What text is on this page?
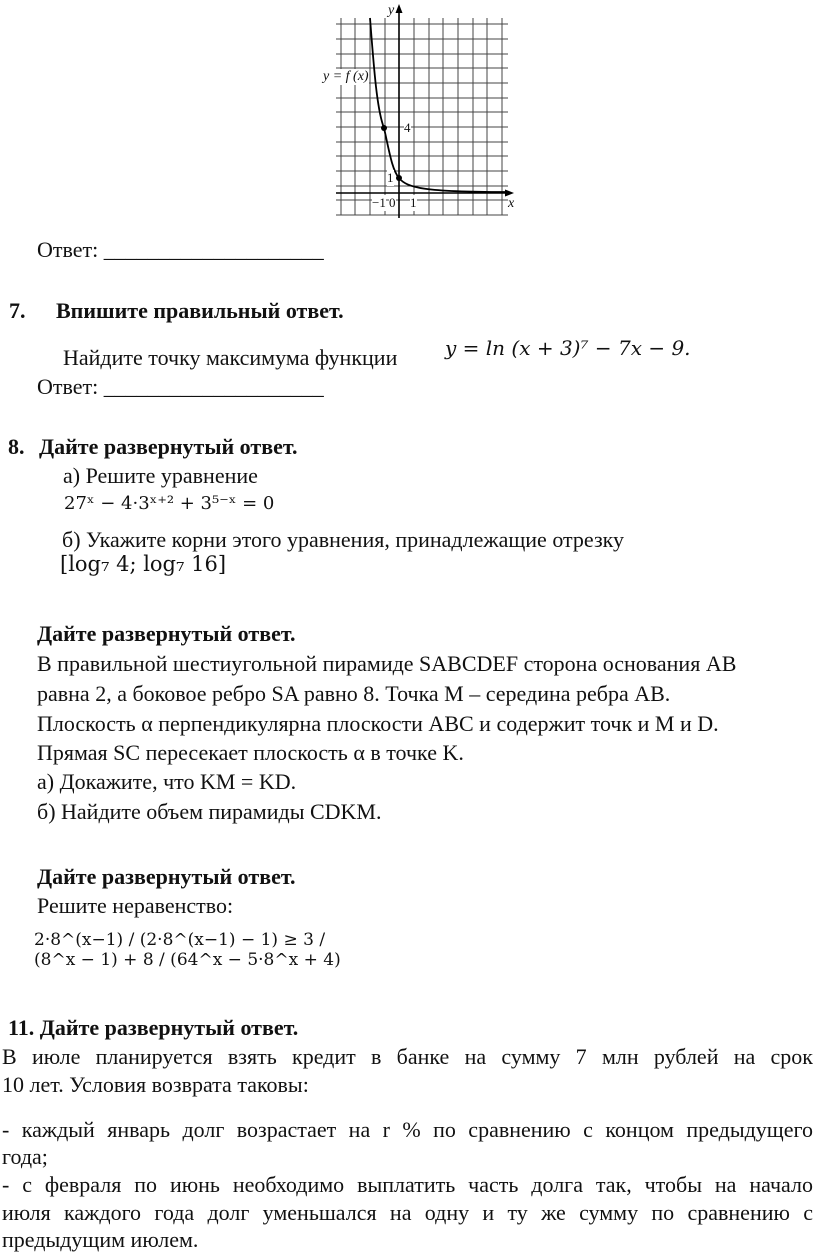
y = f (x)
y
x
4
1
−1 0 1
Ответ: ____________________
7. Впишите правильный ответ.
Найдите точку максимума функции y = ln (x + 3)⁷ − 7x − 9.
Ответ: ____________________
8. Дайте развернутый ответ.
а) Решите уравнение
27ˣ − 4·3ˣ⁺² + 3⁵⁻ˣ = 0
б) Укажите корни этого уравнения, принадлежащие отрезку
[log₇ 4; log₇ 16]
Дайте развернутый ответ.
В правильной шестиугольной пирамиде SABCDEF сторона основания AB
равна 2, а боковое ребро SA равно 8. Точка M – середина ребра AB.
Плоскость α перпендикулярна плоскости ABC и содержит точк и M и D.
Прямая SC пересекает плоскость α в точке K.
а) Докажите, что KM = KD.
б) Найдите объем пирамиды CDKM.
Дайте развернутый ответ.
Решите неравенство:
2·8^(x−1) / (2·8^(x−1) − 1) ≥ 3 / (8^x − 1) + 8 / (64^x − 5·8^x + 4)
11. Дайте развернутый ответ.
В июле планируется взять кредит в банке на сумму 7 млн рублей на срок
10 лет. Условия возврата таковы:
- каждый январь долг возрастает на r % по сравнению с концом предыдущего
года;
- с февраля по июнь необходимо выплатить часть долга так, чтобы на начало
июля каждого года долг уменьшался на одну и ту же сумму по сравнению с
предыдущим июлем.
